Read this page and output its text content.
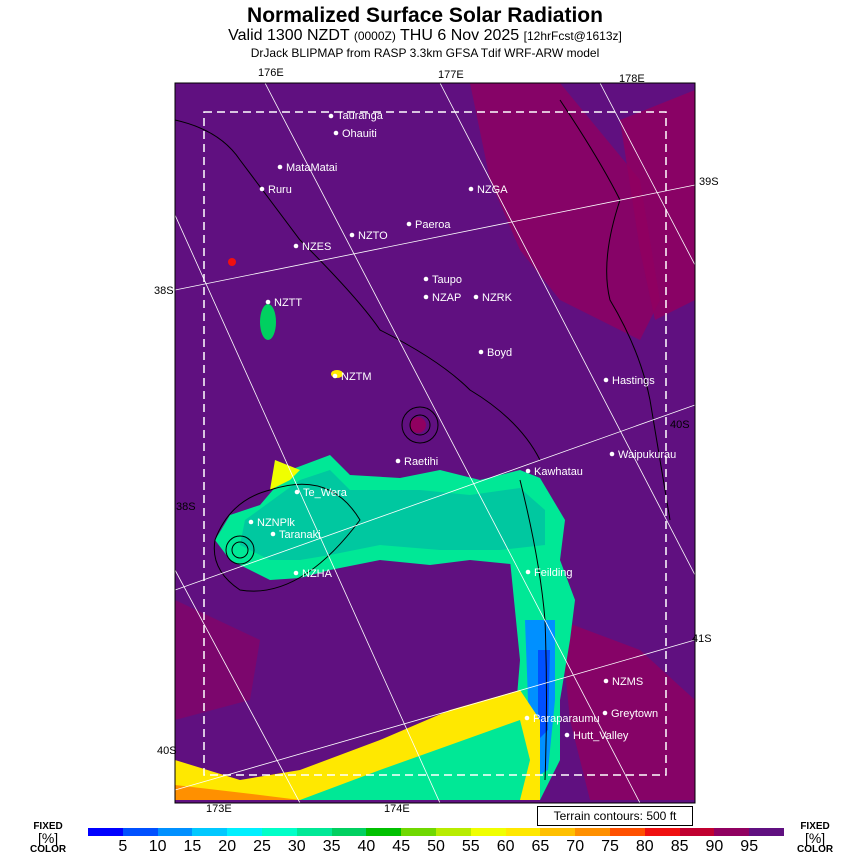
Normalized Surface Solar Radiation
Valid 1300 NZDT (0000Z) THU 6 Nov 2025 [12hrFcst@1613z]
DrJack BLIPMAP from RASP 3.3km GFSA Tdif WRF-ARW model
176E	177E	178E
173E	174E
39S
38S
40S
38S
41S
40S
Tauranga
Ohauiti
MataMatai
Ruru	NZGA
Paeroa
NZTO
NZES
Taupo
NZAP NZRK
NZTT
Boyd
NZTM	Hastings
Raetihi
Waipukurau
Kawhatau
Te_Wera
NZNPlk
Taranaki
NZHA	Feilding
NZMS
Greytown
Paraparaumu
Hutt_Valley
Terrain contours: 500 ft
FIXED
[%]
COLOR
FIXED
[%]
COLOR
5 10 15 20 25 30 35 40 45 50 55 60 65 70 75 80 85 90 95
